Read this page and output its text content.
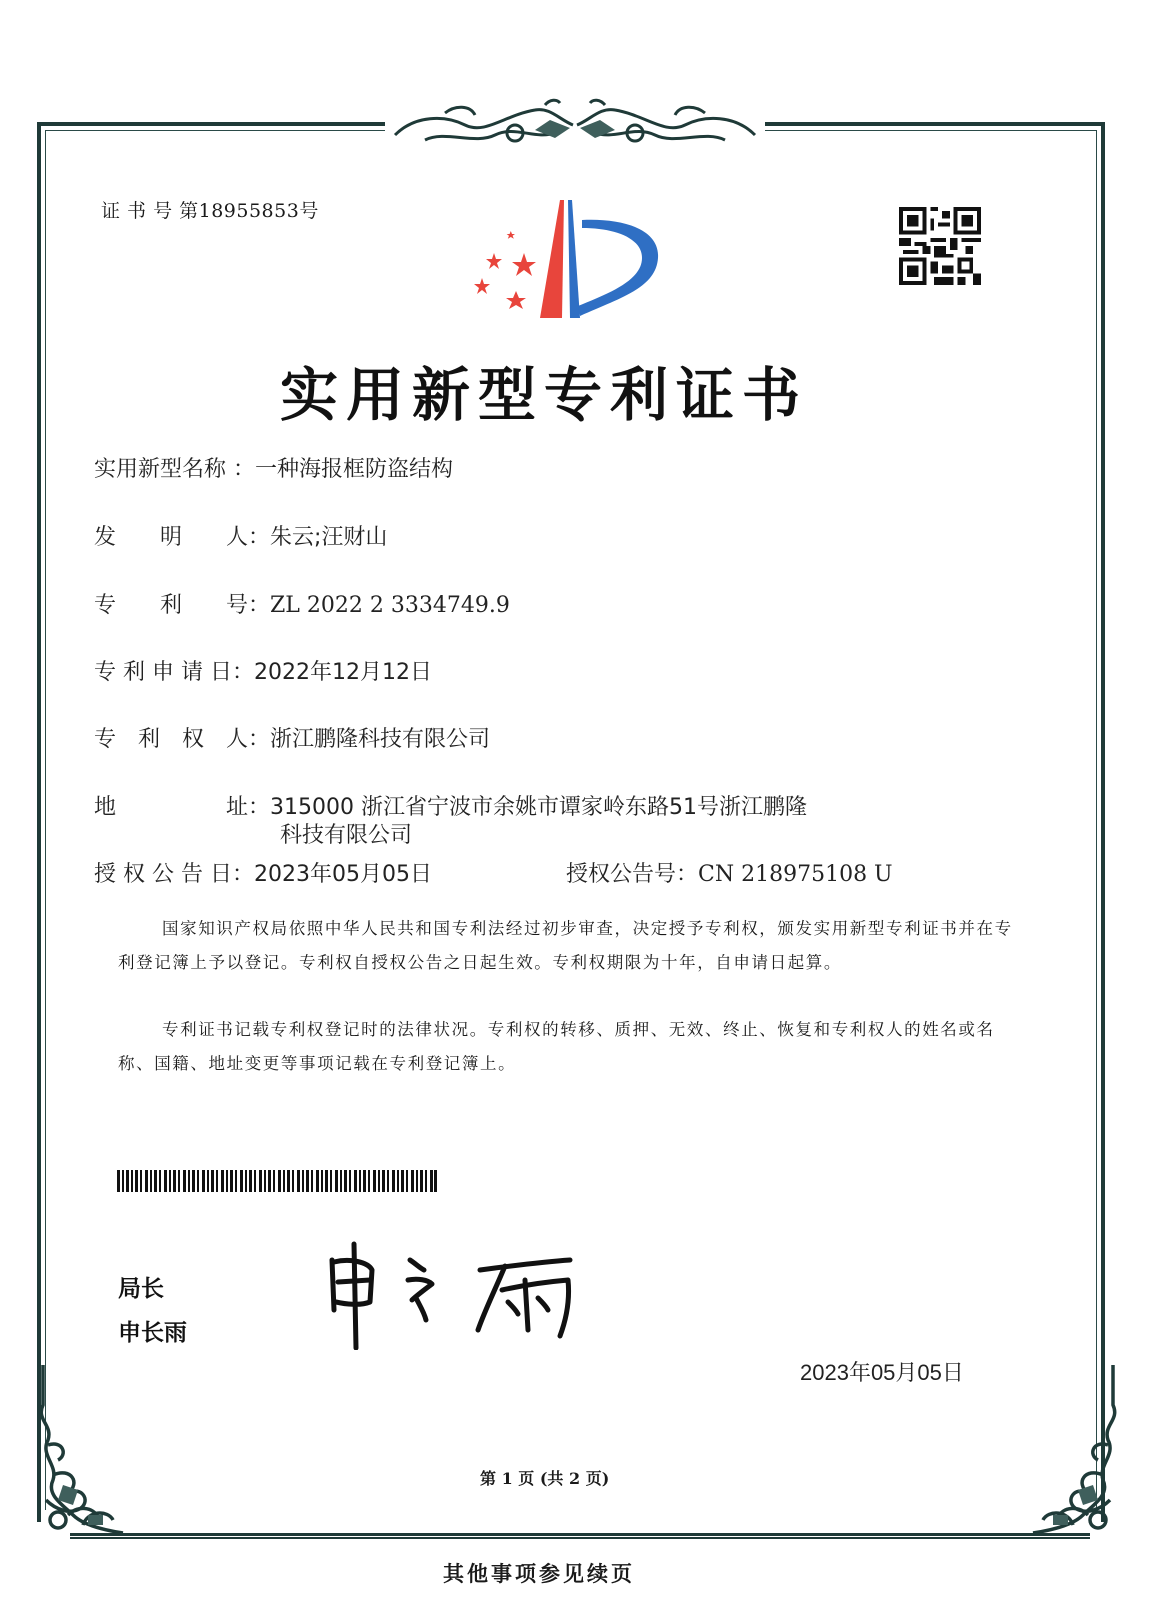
证 书 号 第18955853号
实用新型专利证书
实用新型名称 ：一种海报框防盗结构
发　　明　　人：朱云;汪财山
专　　利　　号：ZL 2022 2 3334749.9
专 利 申 请 日：2022年12月12日
专　利　权　人：浙江鹏隆科技有限公司
地　　　　　址：315000 浙江省宁波市余姚市谭家岭东路51号浙江鹏隆
科技有限公司
授 权 公 告 日：2023年05月05日	授权公告号：CN 218975108 U
国家知识产权局依照中华人民共和国专利法经过初步审查，决定授予专利权，颁发实用新型专利证书并在专利登记簿上予以登记。专利权自授权公告之日起生效。专利权期限为十年，自申请日起算。
专利证书记载专利权登记时的法律状况。专利权的转移、质押、无效、终止、恢复和专利权人的姓名或名称、国籍、地址变更等事项记载在专利登记簿上。
局长
申长雨
2023年05月05日
第 1 页 (共 2 页)
其他事项参见续页
